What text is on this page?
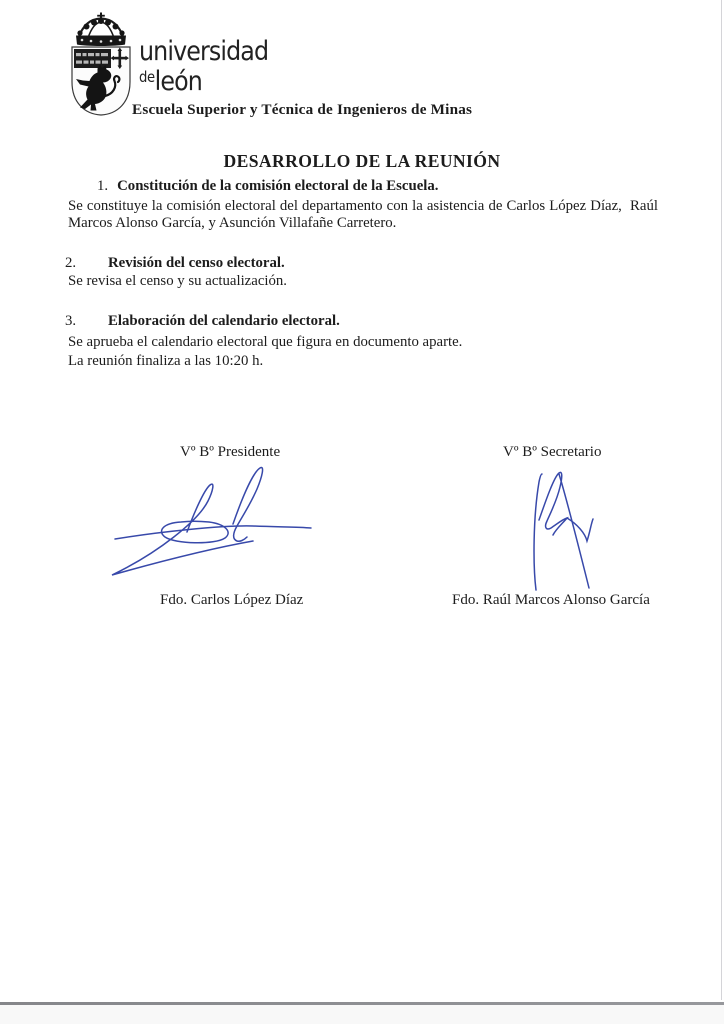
universidad
$^{de}$león
Escuela Superior y Técnica de Ingenieros de Minas
DESARROLLO DE LA REUNIÓN
1. Constitución de la comisión electoral de la Escuela.
Se constituye la comisión electoral del departamento con la asistencia de Carlos López Díaz,  Raúl Marcos Alonso García, y Asunción Villafañe Carretero.
2.	Revisión del censo electoral.
Se revisa el censo y su actualización.
3.	Elaboración del calendario electoral.
Se aprueba el calendario electoral que figura en documento aparte.
La reunión finaliza a las 10:20 h.
Vº Bº Presidente	Vº Bº Secretario
Fdo. Carlos López Díaz	Fdo. Raúl Marcos Alonso García
